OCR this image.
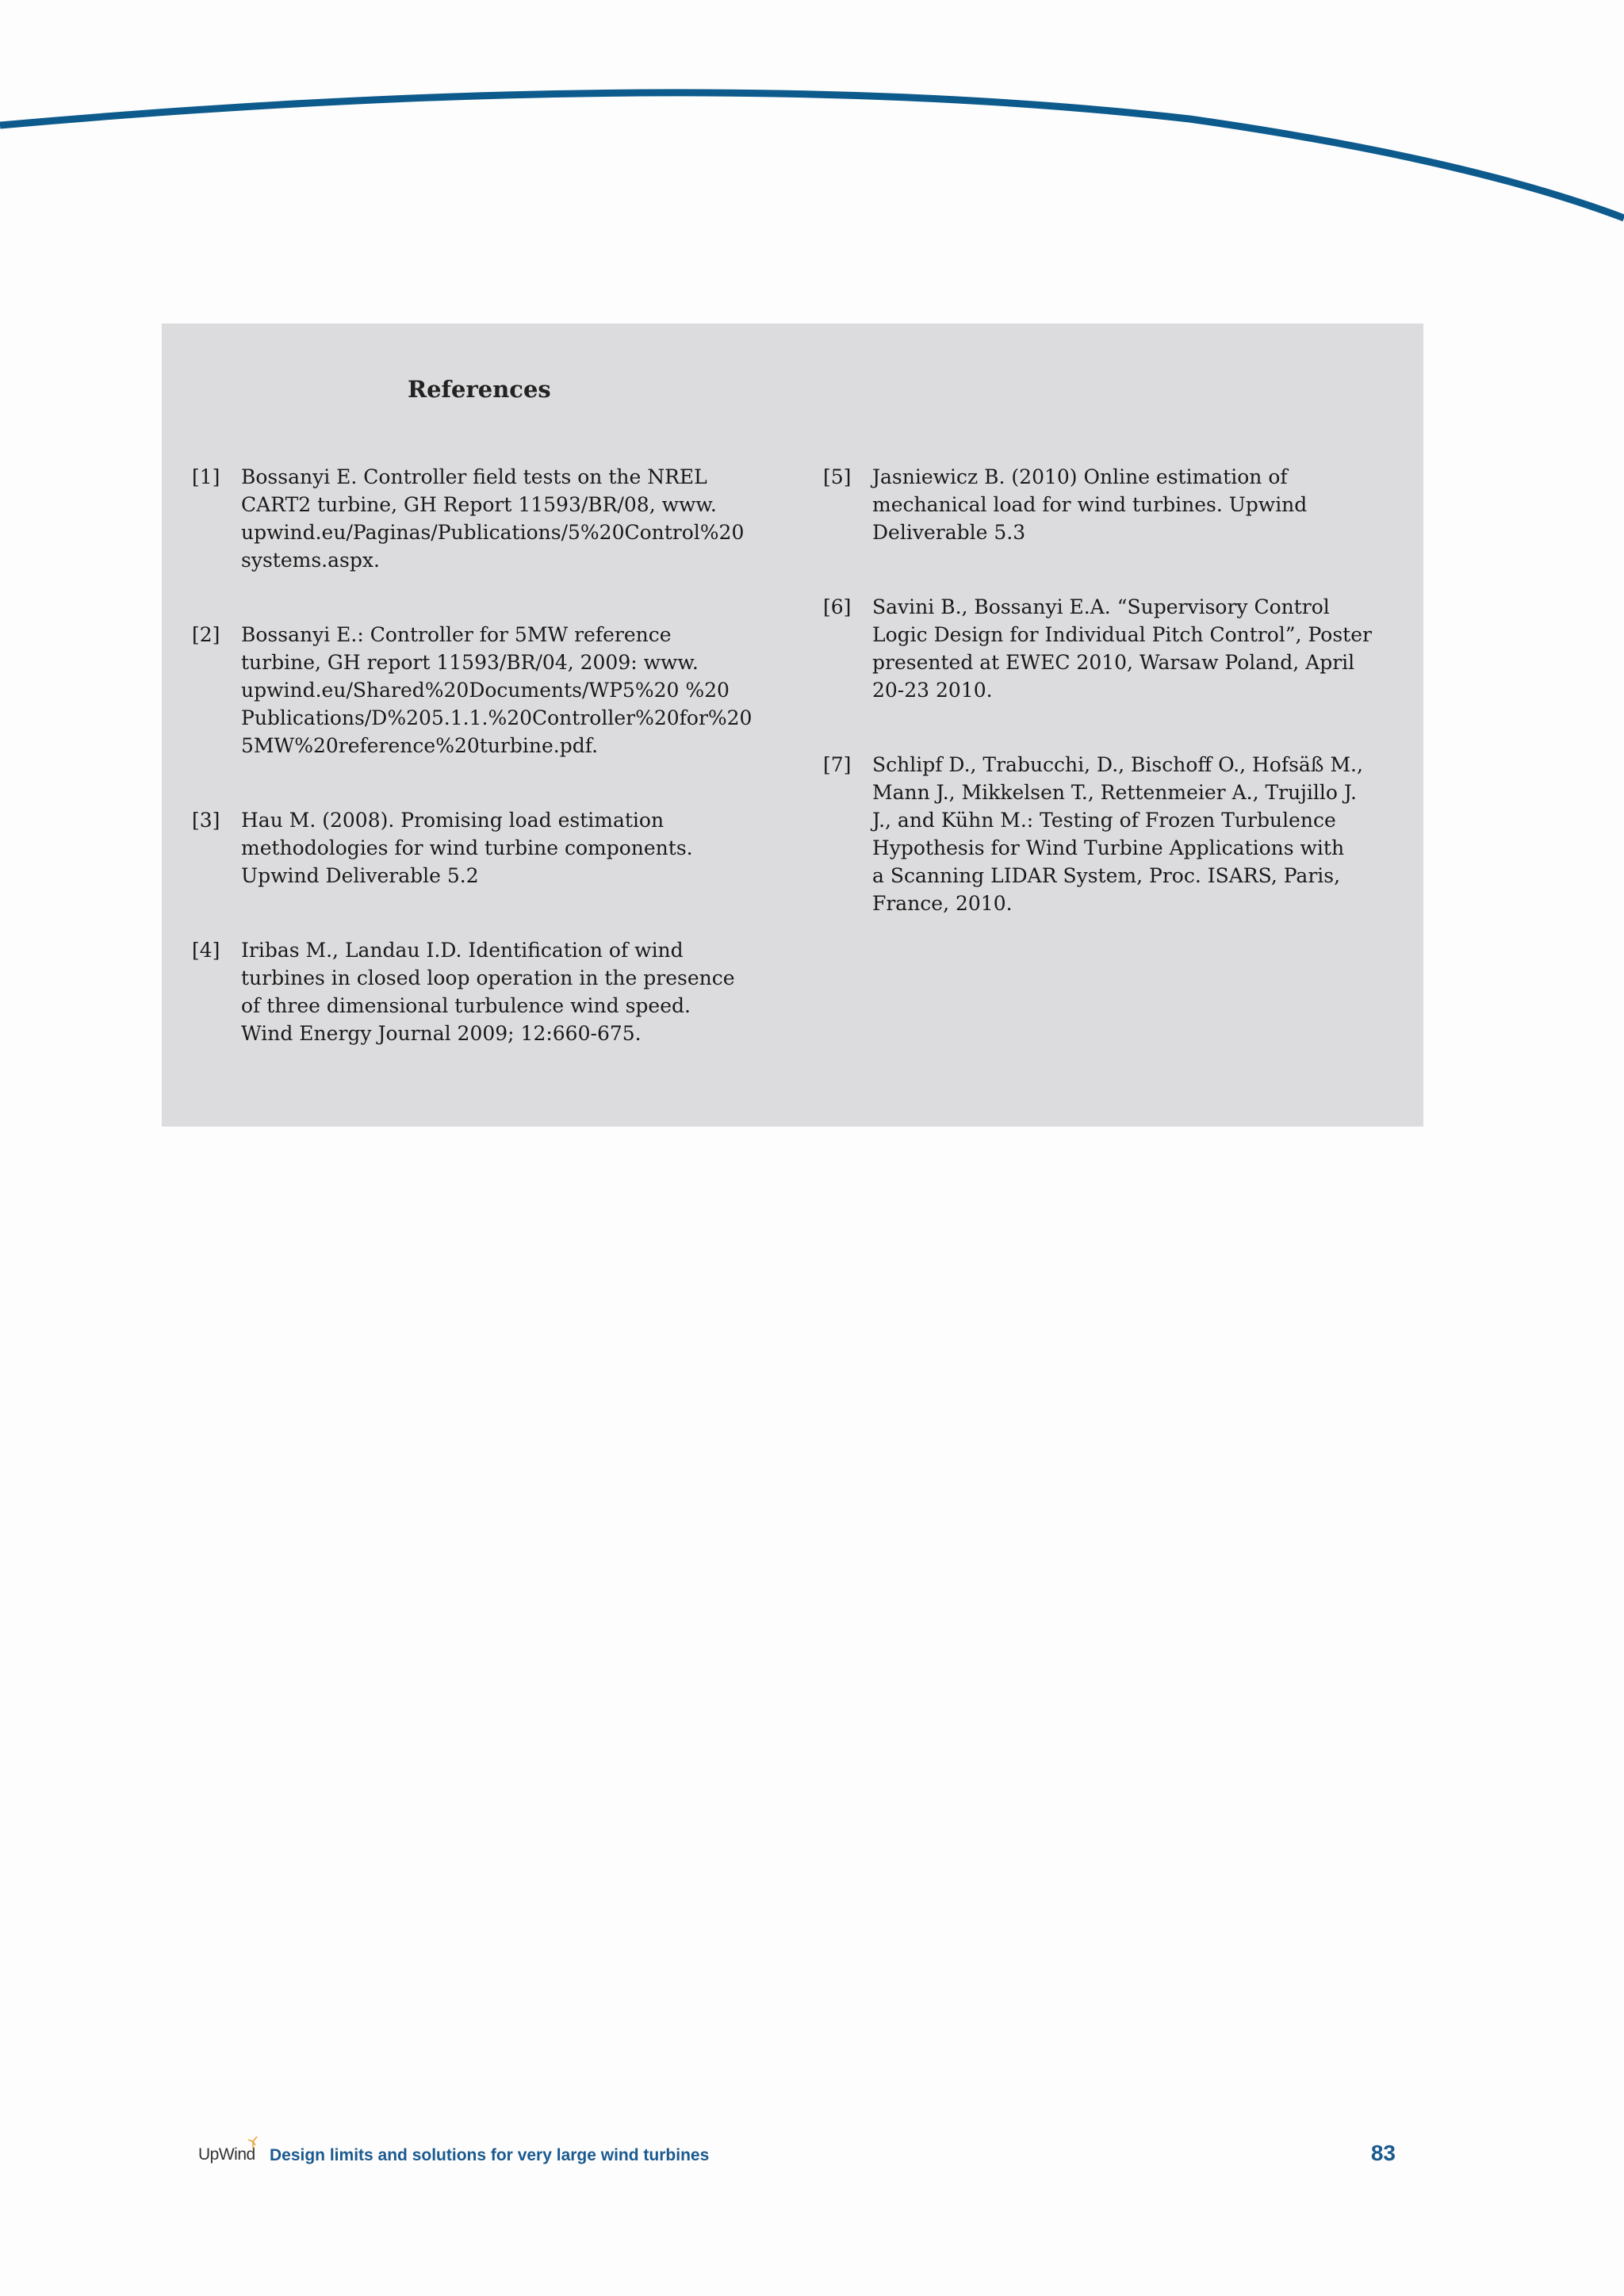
References
[1]	Bossanyi E. Controller field tests on the NREL
CART2 turbine, GH Report 11593/BR/08, www.
upwind.eu/Paginas/Publications/5%20Control%20
systems.aspx.
[2]	Bossanyi E.: Controller for 5MW reference
turbine, GH report 11593/BR/04, 2009: www.
upwind.eu/Shared%20Documents/WP5%20 %20
Publications/D%205.1.1.%20Controller%20for%20
5MW%20reference%20turbine.pdf.
[3]	Hau M. (2008). Promising load estimation
methodologies for wind turbine components.
Upwind Deliverable 5.2
[4]	Iribas M., Landau I.D. Identification of wind
turbines in closed loop operation in the presence
of three dimensional turbulence wind speed.
Wind Energy Journal 2009; 12:660-675.
[5]	Jasniewicz B. (2010) Online estimation of
mechanical load for wind turbines. Upwind
Deliverable 5.3
[6]	Savini B., Bossanyi E.A. “Supervisory Control
Logic Design for Individual Pitch Control”, Poster
presented at EWEC 2010, Warsaw Poland, April
20-23 2010.
[7]	Schlipf D., Trabucchi, D., Bischoff O., Hofsäß M.,
Mann J., Mikkelsen T., Rettenmeier A., Trujillo J.
J., and Kühn M.: Testing of Frozen Turbulence
Hypothesis for Wind Turbine Applications with
a Scanning LIDAR System, Proc. ISARS, Paris,
France, 2010.
UpWind Design limits and solutions for very large wind turbines	83
